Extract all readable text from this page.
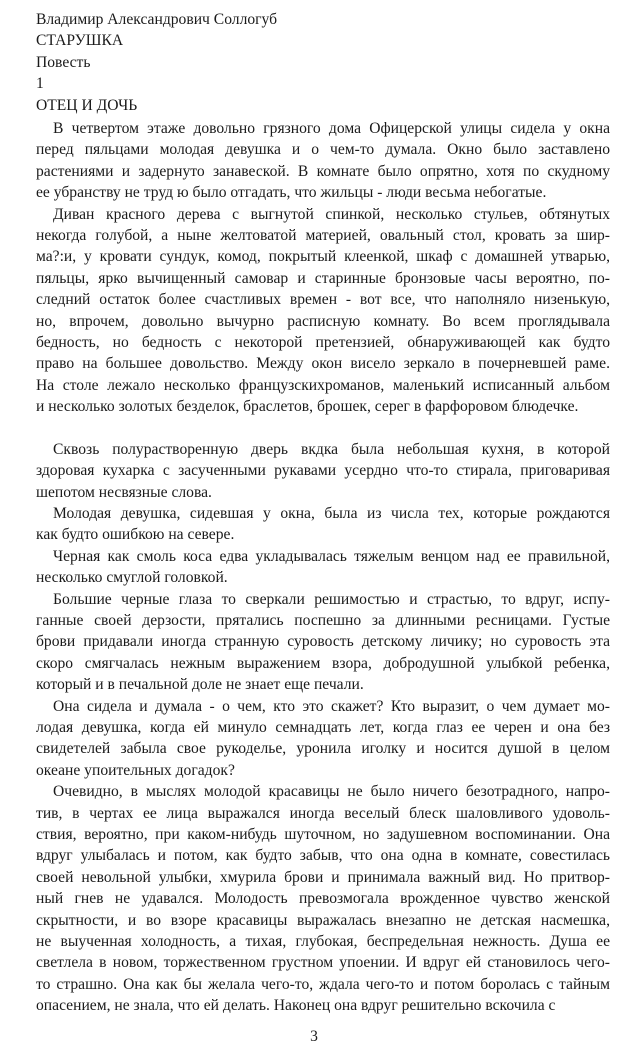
Владимир Александрович Соллогуб
СТАРУШКА
Повесть
1
ОТЕЦ И ДОЧЬ
В четвертом этаже довольно грязного дома Офицерской улицы сидела у окна
перед пяльцами молодая девушка и о чем-то думала. Окно было заставлено
растениями и задернуто занавеской. В комнате было опрятно, хотя по скудному
ее убранству не труд ю было отгадать, что жильцы - люди весьма небогатые.
Диван красного дерева с выгнутой спинкой, несколько стульев, обтянутых
некогда голубой, а ныне желтоватой материей, овальный стол, кровать за шир-
ма?:и, у кровати сундук, комод, покрытый клеенкой, шкаф с домашней утварью,
пяльцы, ярко вычищенный самовар и старинные бронзовые часы вероятно, по-
следний остаток более счастливых времен - вот все, что наполняло низенькую,
но, впрочем, довольно вычурно расписную комнату. Во всем проглядывала
бедность, но бедность с некоторой претензией, обнаруживающей как будто
право на большее довольство. Между окон висело зеркало в почерневшей раме.
На столе лежало несколько французскихроманов, маленький исписанный альбом
и несколько золотых безделок, браслетов, брошек, серег в фарфоровом блюдечке.
Сквозь полурастворенную дверь вкдка была небольшая кухня, в которой
здоровая кухарка с засученными рукавами усердно что-то стирала, приговаривая
шепотом несвязные слова.
Молодая девушка, сидевшая у окна, была из числа тех, которые рождаются
как будто ошибкою на севере.
Черная как смоль коса едва укладывалась тяжелым венцом над ее правильной,
несколько смуглой головкой.
Большие черные глаза то сверкали решимостью и страстью, то вдруг, испу-
ганные своей дерзости, прятались поспешно за длинными ресницами. Густые
брови придавали иногда странную суровость детскому личику; но суровость эта
скоро смягчалась нежным выражением взора, добродушной улыбкой ребенка,
который и в печальной доле не знает еще печали.
Она сидела и думала - о чем, кто это скажет? Кто выразит, о чем думает мо-
лодая девушка, когда ей минуло семнадцать лет, когда глаз ее черен и она без
свидетелей забыла свое рукоделье, уронила иголку и носится душой в целом
океане упоительных догадок?
Очевидно, в мыслях молодой красавицы не было ничего безотрадного, напро-
тив, в чертах ее лица выражался иногда веселый блеск шаловливого удоволь-
ствия, вероятно, при каком-нибудь шуточном, но задушевном воспоминании. Она
вдруг улыбалась и потом, как будто забыв, что она одна в комнате, совестилась
своей невольной улыбки, хмурила брови и принимала важный вид. Но притвор-
ный гнев не удавался. Молодость превозмогала врожденное чувство женской
скрытности, и во взоре красавицы выражалась внезапно не детская насмешка,
не выученная холодность, а тихая, глубокая, беспредельная нежность. Душа ее
светлела в новом, торжественном грустном упоении. И вдруг ей становилось чего-
то страшно. Она как бы желала чего-то, ждала чего-то и потом боролась с тайным
опасением, не знала, что ей делать. Наконец она вдруг решительно вскочила с
3
